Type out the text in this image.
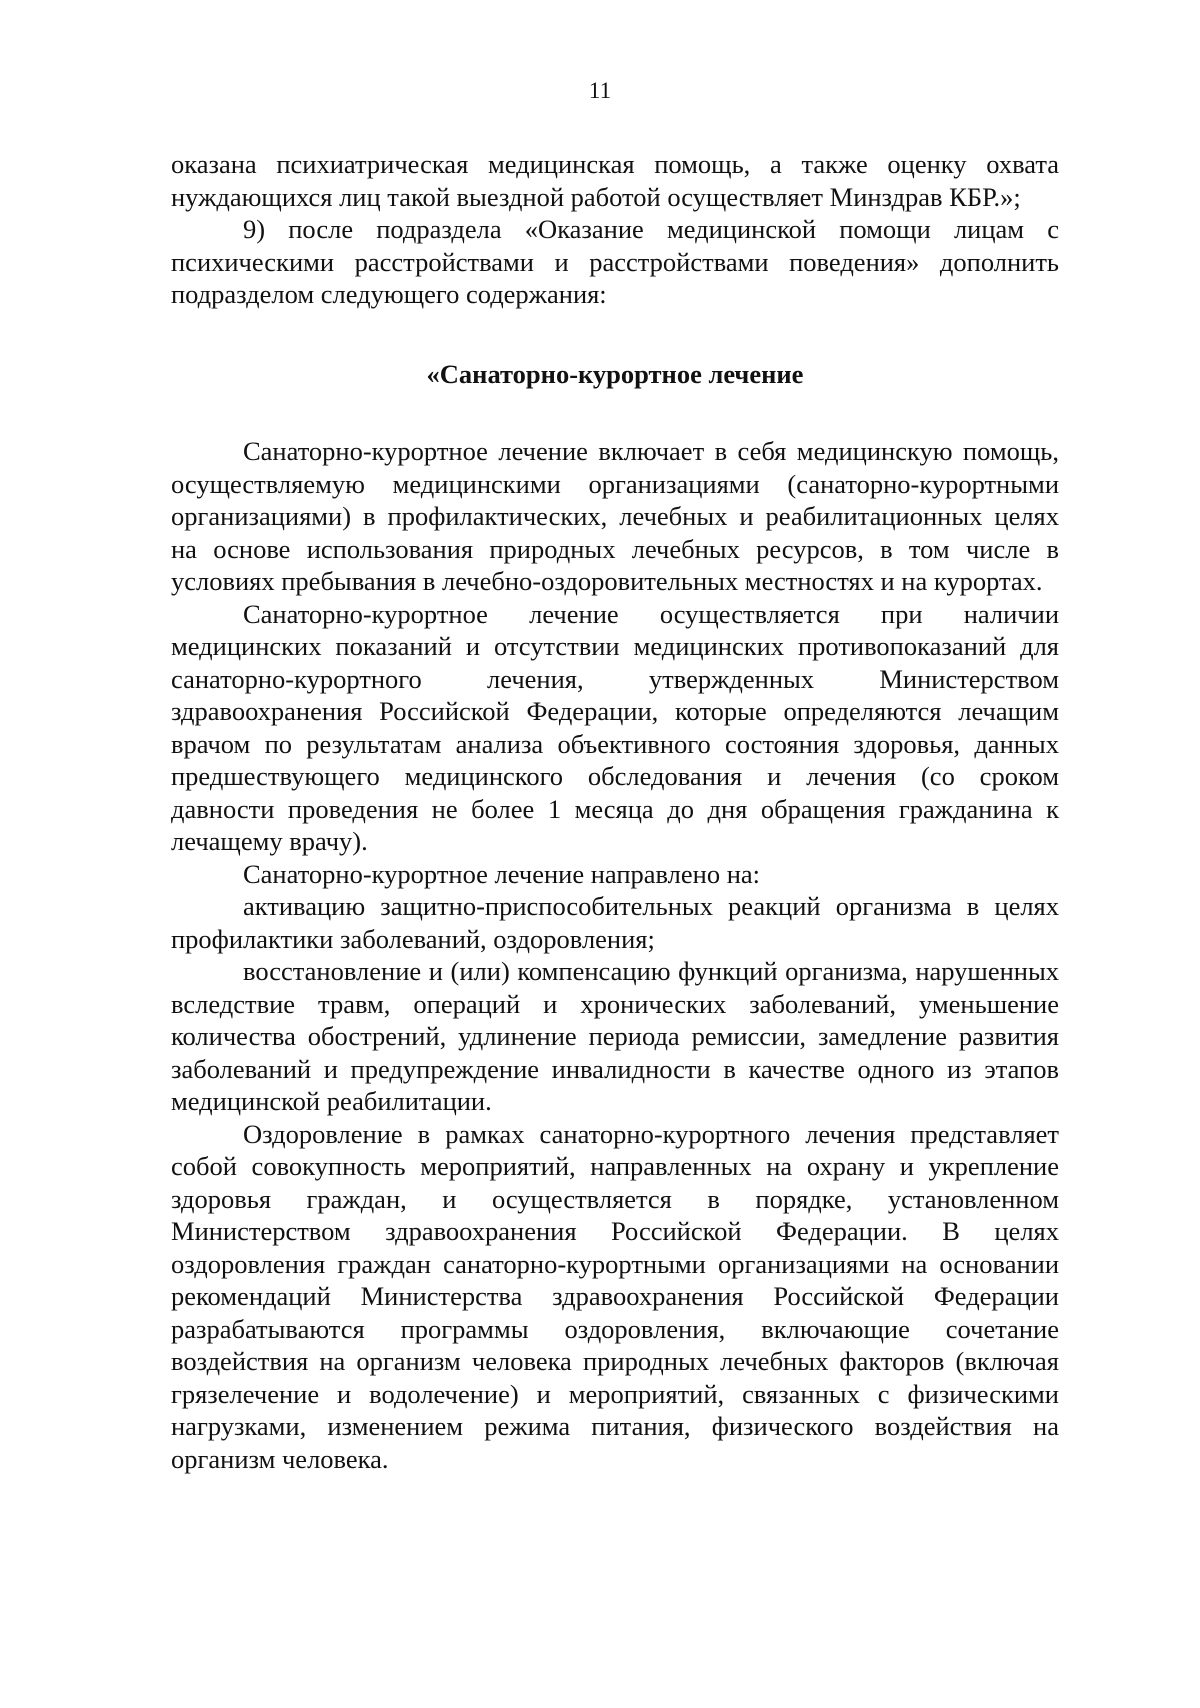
11

оказана психиатрическая медицинская помощь, а также оценку охвата нуждающихся лиц такой выездной работой осуществляет Минздрав КБР.»;

9) после подраздела «Оказание медицинской помощи лицам с психическими расстройствами и расстройствами поведения» дополнить подразделом следующего содержания:

«Санаторно-курортное лечение

Санаторно-курортное лечение включает в себя медицинскую помощь, осуществляемую медицинскими организациями (санаторно-курортными организациями) в профилактических, лечебных и реабилитационных целях на основе использования природных лечебных ресурсов, в том числе в условиях пребывания в лечебно-оздоровительных местностях и на курортах.

Санаторно-курортное лечение осуществляется при наличии медицинских показаний и отсутствии медицинских противопоказаний для санаторно-курортного лечения, утвержденных Министерством здравоохранения Российской Федерации, которые определяются лечащим врачом по результатам анализа объективного состояния здоровья, данных предшествующего медицинского обследования и лечения (со сроком давности проведения не более 1 месяца до дня обращения гражданина к лечащему врачу).

Санаторно-курортное лечение направлено на:

активацию защитно-приспособительных реакций организма в целях профилактики заболеваний, оздоровления;

восстановление и (или) компенсацию функций организма, нарушенных вследствие травм, операций и хронических заболеваний, уменьшение количества обострений, удлинение периода ремиссии, замедление развития заболеваний и предупреждение инвалидности в качестве одного из этапов медицинской реабилитации.

Оздоровление в рамках санаторно-курортного лечения представляет собой совокупность мероприятий, направленных на охрану и укрепление здоровья граждан, и осуществляется в порядке, установленном Министерством здравоохранения Российской Федерации. В целях оздоровления граждан санаторно-курортными организациями на основании рекомендаций Министерства здравоохранения Российской Федерации разрабатываются программы оздоровления, включающие сочетание воздействия на организм человека природных лечебных факторов (включая грязелечение и водолечение) и мероприятий, связанных с физическими нагрузками, изменением режима питания, физического воздействия на организм человека.
